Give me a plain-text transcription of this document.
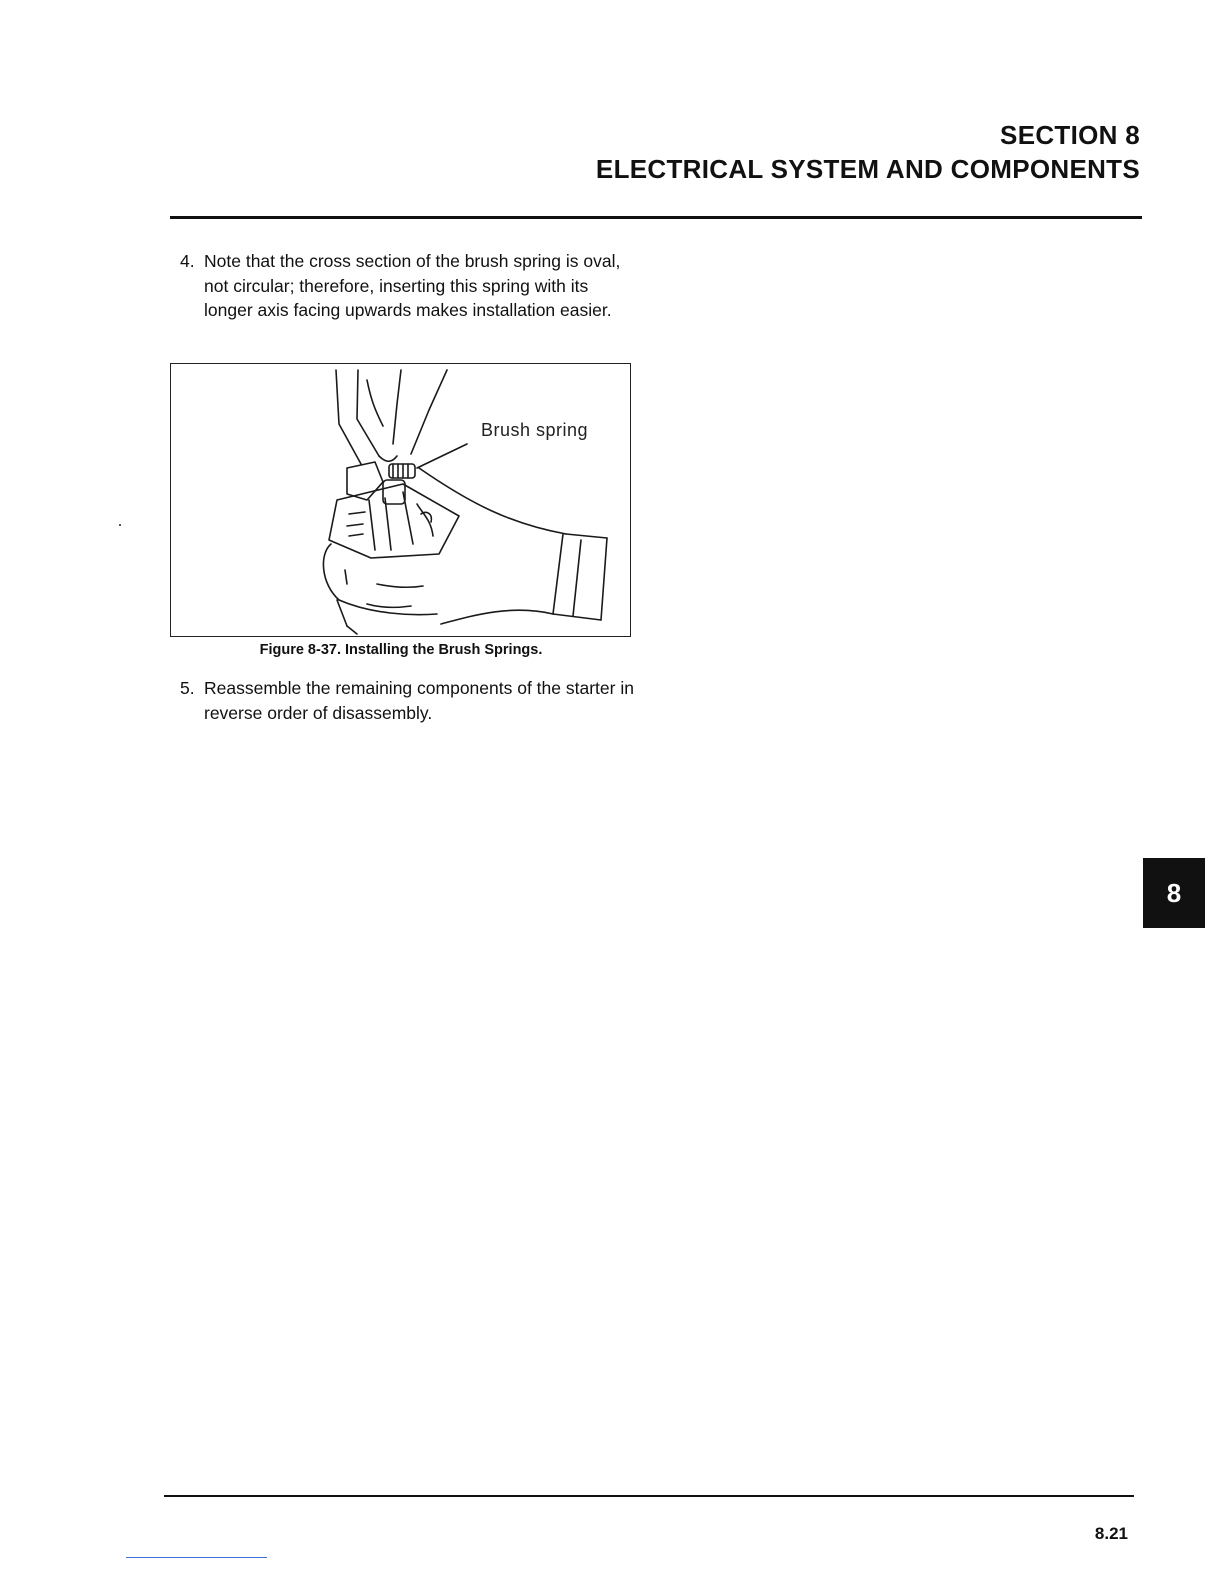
SECTION 8
ELECTRICAL SYSTEM AND COMPONENTS
4. Note that the cross section of the brush spring is oval, not circular; therefore, inserting this spring with its longer axis facing upwards makes installation easier.
Brush spring
Figure 8-37. Installing the Brush Springs.
5. Reassemble the remaining components of the starter in reverse order of disassembly.
8
8.21
